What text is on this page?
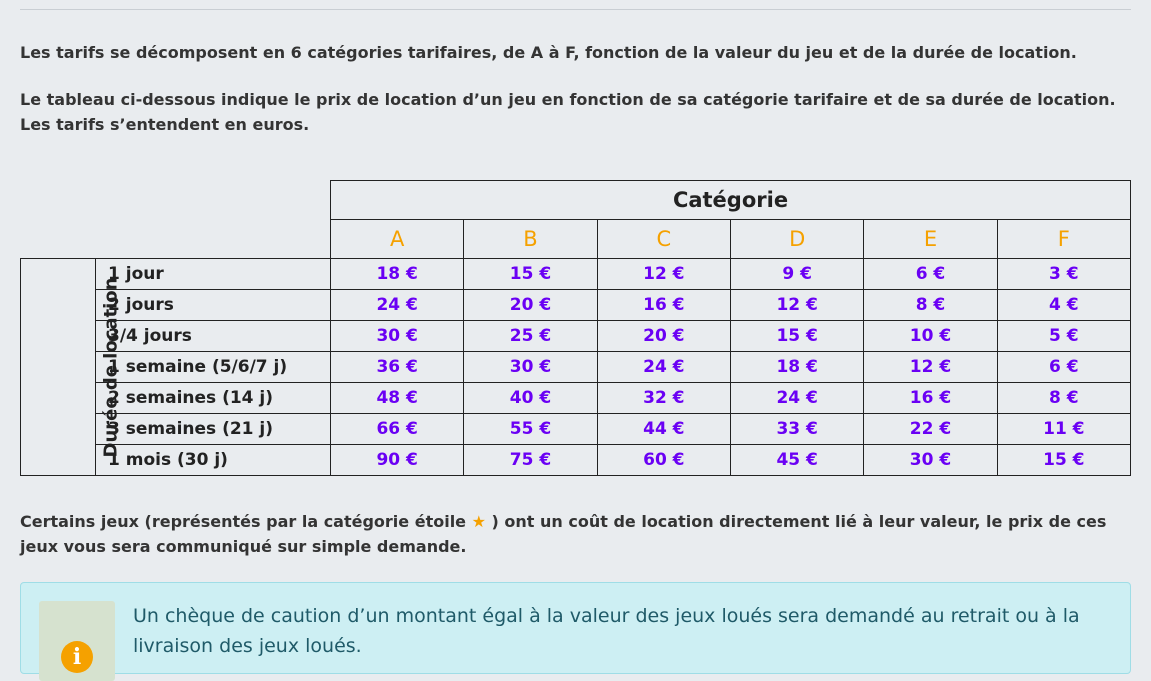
Les tarifs se décomposent en 6 catégories tarifaires, de A à F, fonction de la valeur du jeu et de la durée de location.

Le tableau ci-dessous indique le prix de location d’un jeu en fonction de sa catégorie tarifaire et de sa durée de location. Les tarifs s’entendent en euros.

		Catégorie					
		A	B	C	D	E	F
Durée de location	1 jour	18 €	15 €	12 €	9 €	6 €	3 €
	2 jours	24 €	20 €	16 €	12 €	8 €	4 €
	3/4 jours	30 €	25 €	20 €	15 €	10 €	5 €
	1 semaine (5/6/7 j)	36 €	30 €	24 €	18 €	12 €	6 €
	2 semaines (14 j)	48 €	40 €	32 €	24 €	16 €	8 €
	3 semaines (21 j)	66 €	55 €	44 €	33 €	22 €	11 €
	1 mois (30 j)	90 €	75 €	60 €	45 €	30 €	15 €

Certains jeux (représentés par la catégorie étoile ★ ) ont un coût de location directement lié à leur valeur, le prix de ces jeux vous sera communiqué sur simple demande.

i
Un chèque de caution d’un montant égal à la valeur des jeux loués sera demandé au retrait ou à la livraison des jeux loués.
